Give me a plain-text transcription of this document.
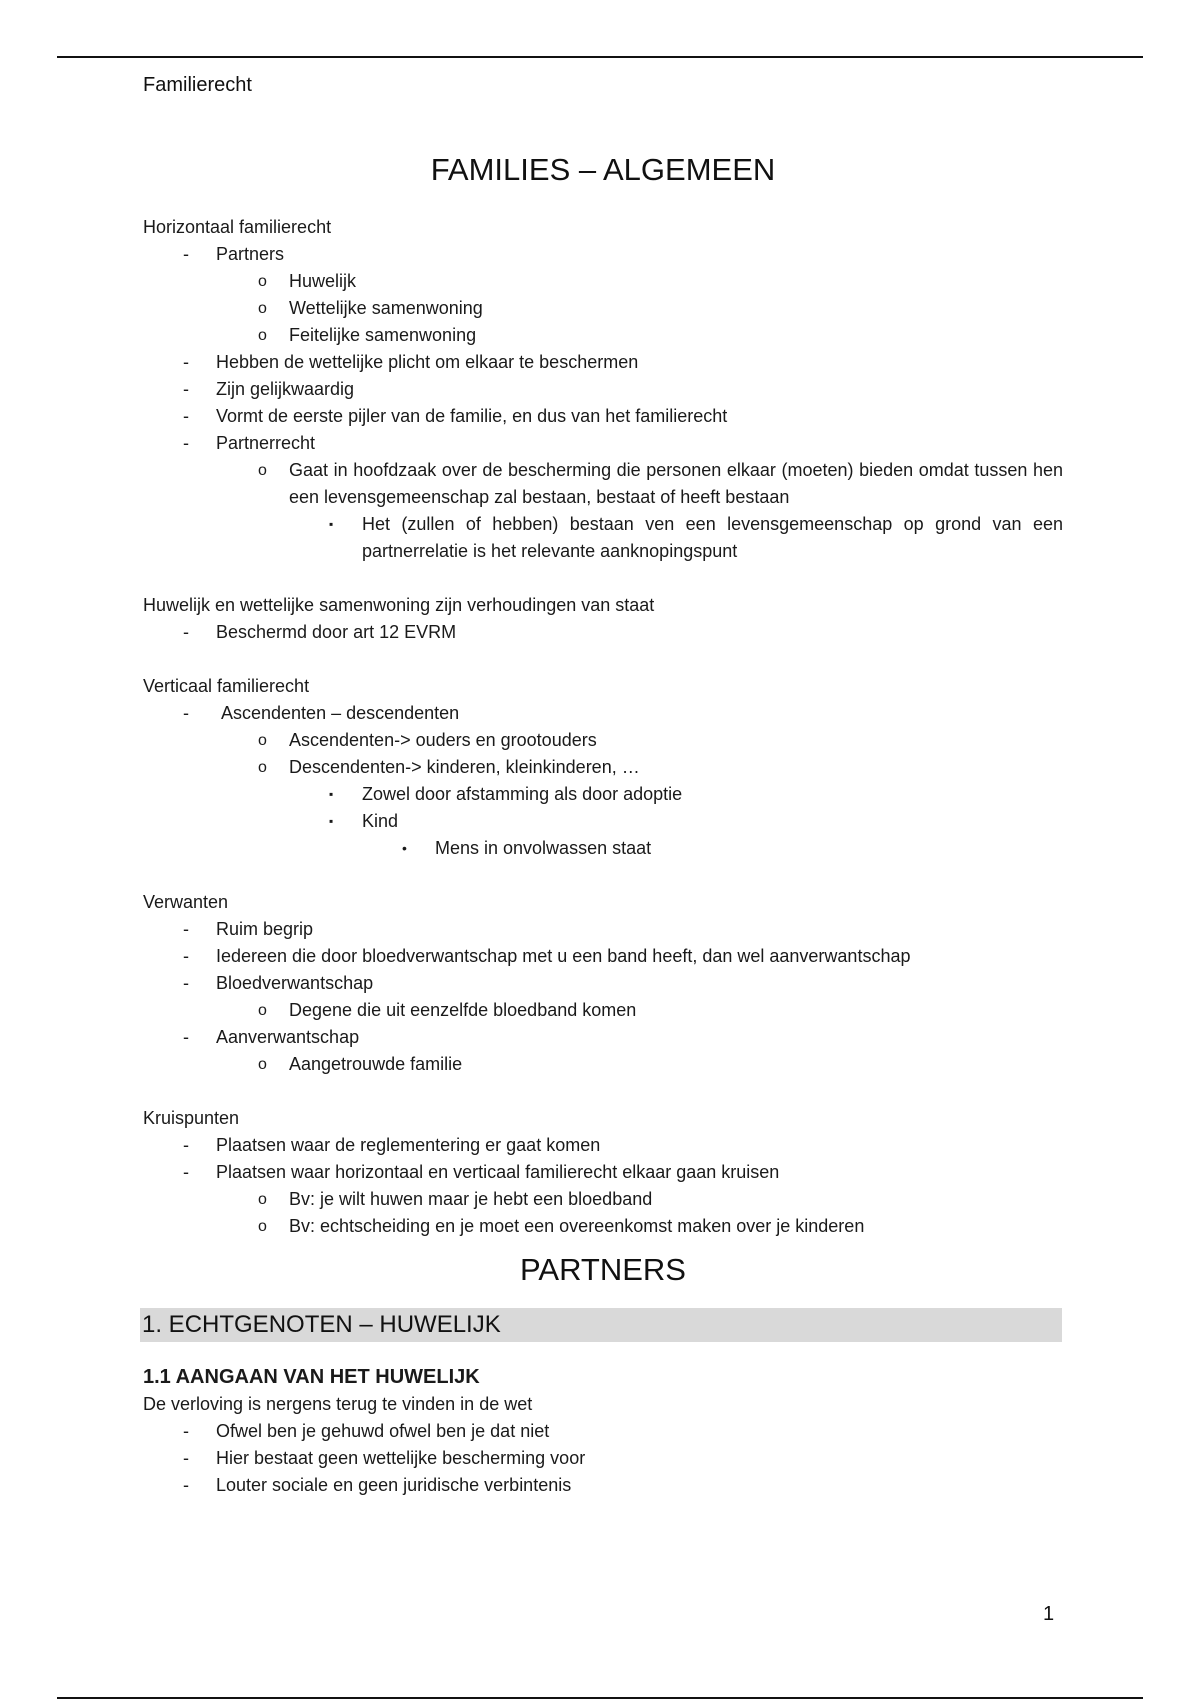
Familierecht
FAMILIES – ALGEMEEN

Horizontaal familierecht

- Partners
o Huwelijk
o Wettelijke samenwoning
o Feitelijke samenwoning
- Hebben de wettelijke plicht om elkaar te beschermen
- Zijn gelijkwaardig
- Vormt de eerste pijler van de familie, en dus van het familierecht
- Partnerrecht
o Gaat in hoofdzaak over de bescherming die personen elkaar (moeten) bieden omdat tussen hen een levensgemeenschap zal bestaan, bestaat of heeft bestaan
▪ Het (zullen of hebben) bestaan ven een levensgemeenschap op grond van een partnerrelatie is het relevante aanknopingspunt

Huwelijk en wettelijke samenwoning zijn verhoudingen van staat

- Beschermd door art 12 EVRM

Verticaal familierecht

- Ascendenten – descendenten
o Ascendenten-> ouders en grootouders
o Descendenten-> kinderen, kleinkinderen, …
▪ Zowel door afstamming als door adoptie
▪ Kind
• Mens in onvolwassen staat

Verwanten

- Ruim begrip
- Iedereen die door bloedverwantschap met u een band heeft, dan wel aanverwantschap
- Bloedverwantschap
o Degene die uit eenzelfde bloedband komen
- Aanverwantschap
o Aangetrouwde familie

Kruispunten

- Plaatsen waar de reglementering er gaat komen
- Plaatsen waar horizontaal en verticaal familierecht elkaar gaan kruisen
o Bv: je wilt huwen maar je hebt een bloedband
o Bv: echtscheiding en je moet een overeenkomst maken over je kinderen
PARTNERS
1. ECHTGENOTEN – HUWELIJK

1.1 AANGAAN VAN HET HUWELIJK

De verloving is nergens terug te vinden in de wet

- Ofwel ben je gehuwd ofwel ben je dat niet
- Hier bestaat geen wettelijke bescherming voor
- Louter sociale en geen juridische verbintenis
1
